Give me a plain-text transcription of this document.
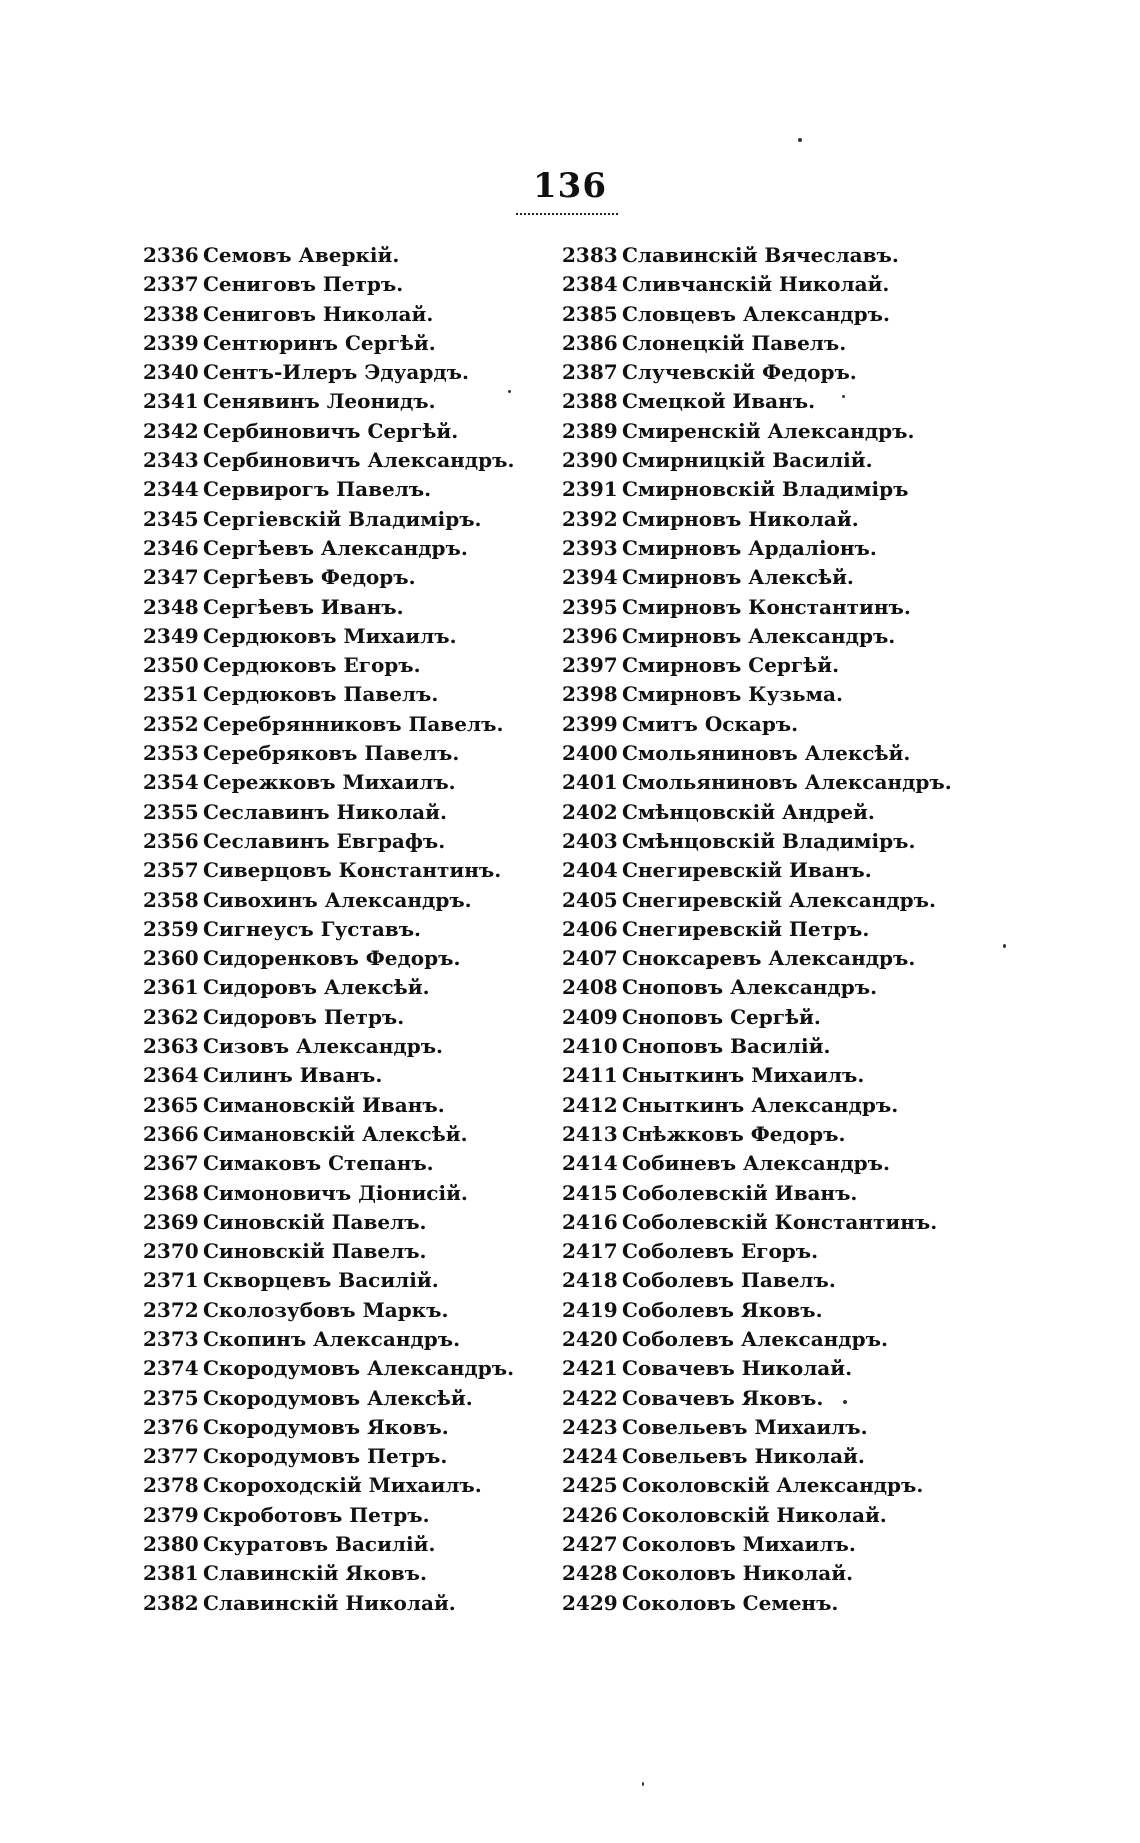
136
2336 Семовъ Аверкій.
2337 Сениговъ Петръ.
2338 Сениговъ Николай.
2339 Сентюринъ Сергѣй.
2340 Сентъ-Илеръ Эдуардъ.
2341 Сенявинъ Леонидъ.
2342 Сербиновичъ Сергѣй.
2343 Сербиновичъ Александръ.
2344 Сервирогъ Павелъ.
2345 Сергіевскій Владиміръ.
2346 Сергѣевъ Александръ.
2347 Сергѣевъ Федоръ.
2348 Сергѣевъ Иванъ.
2349 Сердюковъ Михаилъ.
2350 Сердюковъ Егоръ.
2351 Сердюковъ Павелъ.
2352 Серебрянниковъ Павелъ.
2353 Серебряковъ Павелъ.
2354 Сережковъ Михаилъ.
2355 Сеславинъ Николай.
2356 Сеславинъ Евграфъ.
2357 Сиверцовъ Константинъ.
2358 Сивохинъ Александръ.
2359 Сигнеусъ Густавъ.
2360 Сидоренковъ Федоръ.
2361 Сидоровъ Алексѣй.
2362 Сидоровъ Петръ.
2363 Сизовъ Александръ.
2364 Силинъ Иванъ.
2365 Симановскій Иванъ.
2366 Симановскій Алексѣй.
2367 Симаковъ Степанъ.
2368 Симоновичъ Діонисій.
2369 Синовскій Павелъ.
2370 Синовскій Павелъ.
2371 Скворцевъ Василій.
2372 Сколозубовъ Маркъ.
2373 Скопинъ Александръ.
2374 Скородумовъ Александръ.
2375 Скородумовъ Алексѣй.
2376 Скородумовъ Яковъ.
2377 Скородумовъ Петръ.
2378 Скороходскій Михаилъ.
2379 Скроботовъ Петръ.
2380 Скуратовъ Василій.
2381 Славинскій Яковъ.
2382 Славинскій Николай.
2383 Славинскій Вячеславъ.
2384 Сливчанскій Николай.
2385 Словцевъ Александръ.
2386 Слонецкій Павелъ.
2387 Случевскій Федоръ.
2388 Смецкой Иванъ.
2389 Смиренскій Александръ.
2390 Смирницкій Василій.
2391 Смирновскій Владиміръ
2392 Смирновъ Николай.
2393 Смирновъ Ардаліонъ.
2394 Смирновъ Алексѣй.
2395 Смирновъ Константинъ.
2396 Смирновъ Александръ.
2397 Смирновъ Сергѣй.
2398 Смирновъ Кузьма.
2399 Смитъ Оскаръ.
2400 Смольяниновъ Алексѣй.
2401 Смольяниновъ Александръ.
2402 Смѣнцовскій Андрей.
2403 Смѣнцовскій Владиміръ.
2404 Снегиревскій Иванъ.
2405 Снегиревскій Александръ.
2406 Снегиревскій Петръ.
2407 Сноксаревъ Александръ.
2408 Сноповъ Александръ.
2409 Сноповъ Сергѣй.
2410 Сноповъ Василій.
2411 Сныткинъ Михаилъ.
2412 Сныткинъ Александръ.
2413 Снѣжковъ Федоръ.
2414 Собиневъ Александръ.
2415 Соболевскій Иванъ.
2416 Соболевскій Константинъ.
2417 Соболевъ Егоръ.
2418 Соболевъ Павелъ.
2419 Соболевъ Яковъ.
2420 Соболевъ Александръ.
2421 Совачевъ Николай.
2422 Совачевъ Яковъ.
2423 Совельевъ Михаилъ.
2424 Совельевъ Николай.
2425 Соколовскій Александръ.
2426 Соколовскій Николай.
2427 Соколовъ Михаилъ.
2428 Соколовъ Николай.
2429 Соколовъ Семенъ.
